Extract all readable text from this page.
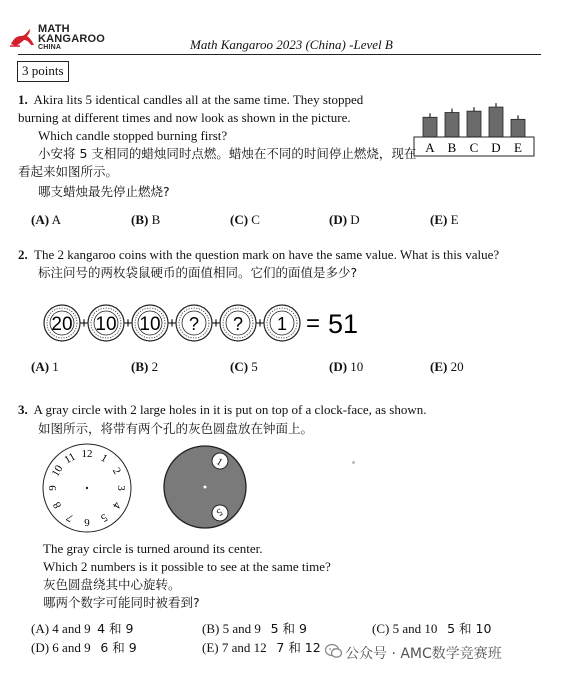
MATH
KANGAROO
CHINA	Math Kangaroo 2023 (China) -Level B
3 points
1. Akira lits 5 identical candles all at the same time. They stopped
burning at different times and now look as shown in the picture.
Which candle stopped burning first?
小安将 5 支相同的蜡烛同时点燃。蜡烛在不同的时间停止燃烧，现在
看起来如图所示。
哪支蜡烛最先停止燃烧?
A B C D E
(A) A	(B) B	(C) C	(D) D	(E) E
2. The 2 kangaroo coins with the question mark on have the same value. What is this value?
标注问号的两枚袋鼠硬币的面值相同。它们的面值是多少?
20 + 10 + 10 + ? + ? + 1 = 51
(A) 1	(B) 2	(C) 5	(D) 10	(E) 20
3. A gray circle with 2 large holes in it is put on top of a clock-face, as shown.
如图所示，将带有两个孔的灰色圆盘放在钟面上。
12 1
2
3
4
5
6
7
8
9
10
11	1
5
The gray circle is turned around its center.
Which 2 numbers is it possible to see at the same time?
灰色圆盘绕其中心旋转。
哪两个数字可能同时被看到?
(A) 4 and 9 4 和 9	(B) 5 and 9 5 和 9	(C) 5 and 10 5 和 10
(D) 6 and 9 6 和 9	(E) 7 and 12 7 和 12 公众号 · AMC数学竞赛班
